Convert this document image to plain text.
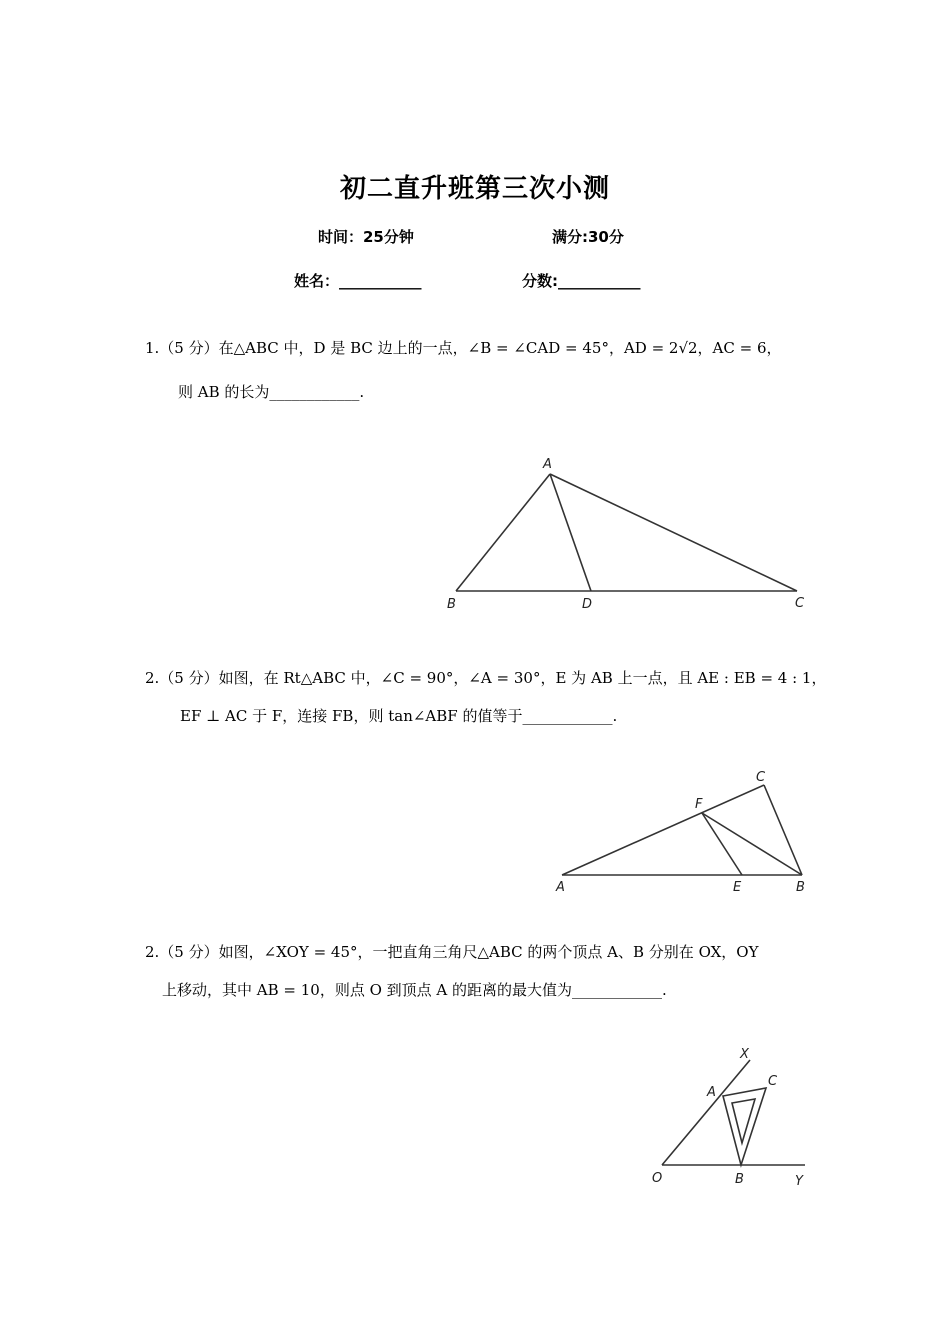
初二直升班第三次小测
时间：25分钟	满分:30分
姓名：___________	分数:___________
1.（5 分）在△ABC 中，D 是 BC 边上的一点，∠B = ∠CAD = 45°，AD = 2√2，AC = 6，
则 AB 的长为____________.
A
B	D	C
2.（5 分）如图，在 Rt△ABC 中，∠C = 90°，∠A = 30°，E 为 AB 上一点，且 AE : EB = 4 : 1，
EF ⊥ AC 于 F，连接 FB，则 tan∠ABF 的值等于____________.
C
F
A	E	B
2.（5 分）如图，∠XOY = 45°，一把直角三角尺△ABC 的两个顶点 A、B 分别在 OX，OY
上移动，其中 AB = 10，则点 O 到顶点 A 的距离的最大值为____________.
X
A
C
O	B	Y
